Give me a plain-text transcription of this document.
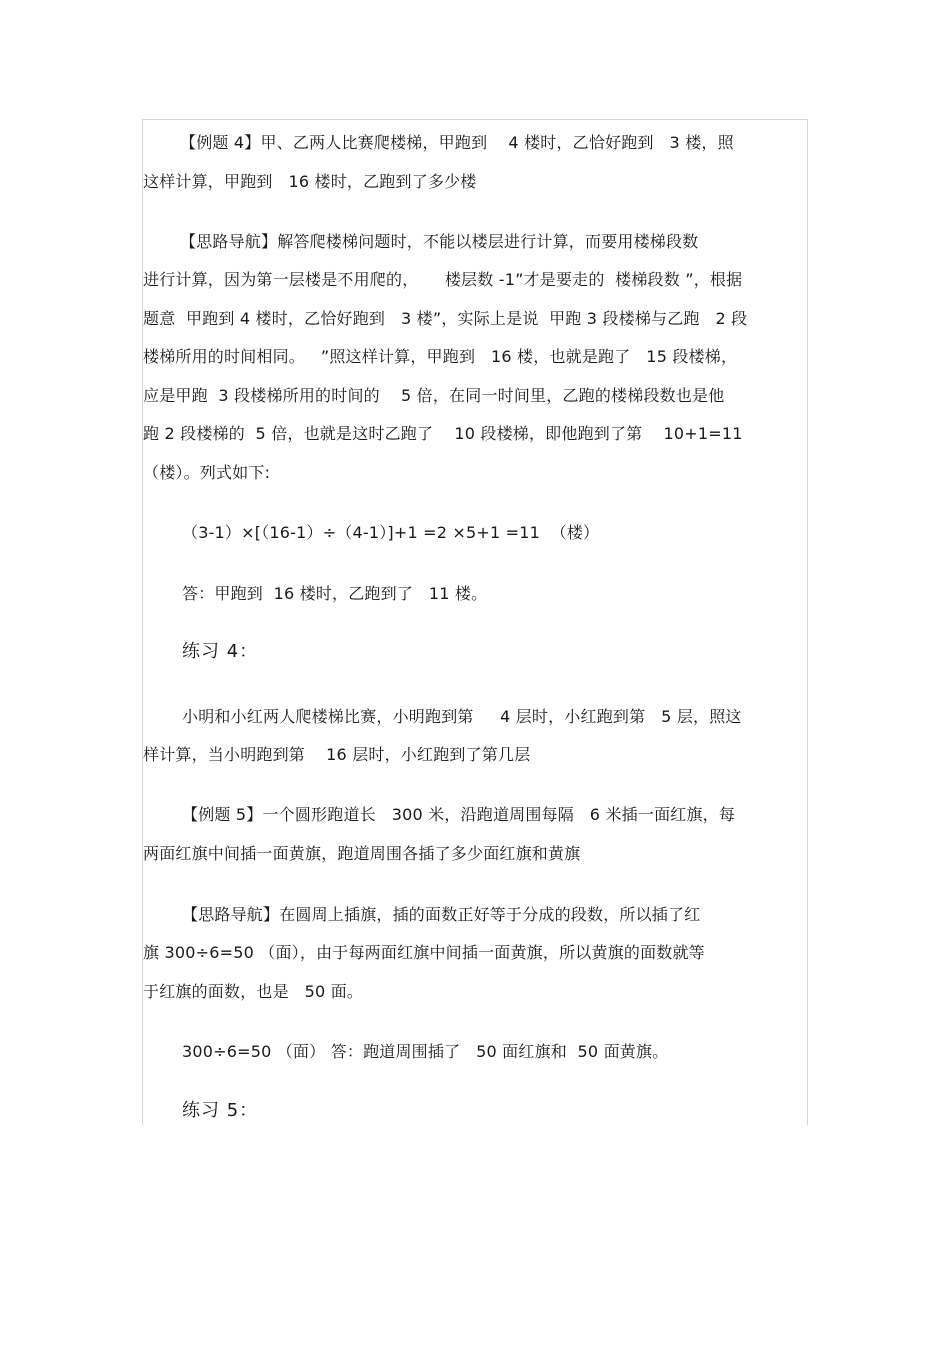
【例题 4】甲、乙两人比赛爬楼梯，甲跑到    4 楼时，乙恰好跑到   3 楼，照
这样计算，甲跑到   16 楼时，乙跑到了多少楼
【思路导航】解答爬楼梯问题时，不能以楼层进行计算，而要用楼梯段数
进行计算，因为第一层楼是不用爬的，     楼层数 -1”才是要走的  楼梯段数 ”，根据
题意  甲跑到 4 楼时，乙恰好跑到   3 楼”，实际上是说  甲跑 3 段楼梯与乙跑   2 段
楼梯所用的时间相同。   ”照这样计算，甲跑到   16 楼，也就是跑了   15 段楼梯，
应是甲跑  3 段楼梯所用的时间的    5 倍，在同一时间里，乙跑的楼梯段数也是他
跑 2 段楼梯的  5 倍，也就是这时乙跑了    10 段楼梯，即他跑到了第    10+1=11
（楼）。列式如下:
（3-1）×[（16-1）÷（4-1）]+1 =2 ×5+1 =11  （楼）
答：甲跑到  16 楼时，乙跑到了   11 楼。
练习 4：
小明和小红两人爬楼梯比赛，小明跑到第     4 层时，小红跑到第   5 层，照这
样计算，当小明跑到第    16 层时，小红跑到了第几层
【例题 5】一个圆形跑道长   300 米，沿跑道周围每隔   6 米插一面红旗，每
两面红旗中间插一面黄旗，跑道周围各插了多少面红旗和黄旗
【思路导航】在圆周上插旗，插的面数正好等于分成的段数，所以插了红
旗 300÷6=50 （面），由于每两面红旗中间插一面黄旗，所以黄旗的面数就等
于红旗的面数，也是   50 面。
300÷6=50 （面） 答：跑道周围插了   50 面红旗和  50 面黄旗。
练习 5：
